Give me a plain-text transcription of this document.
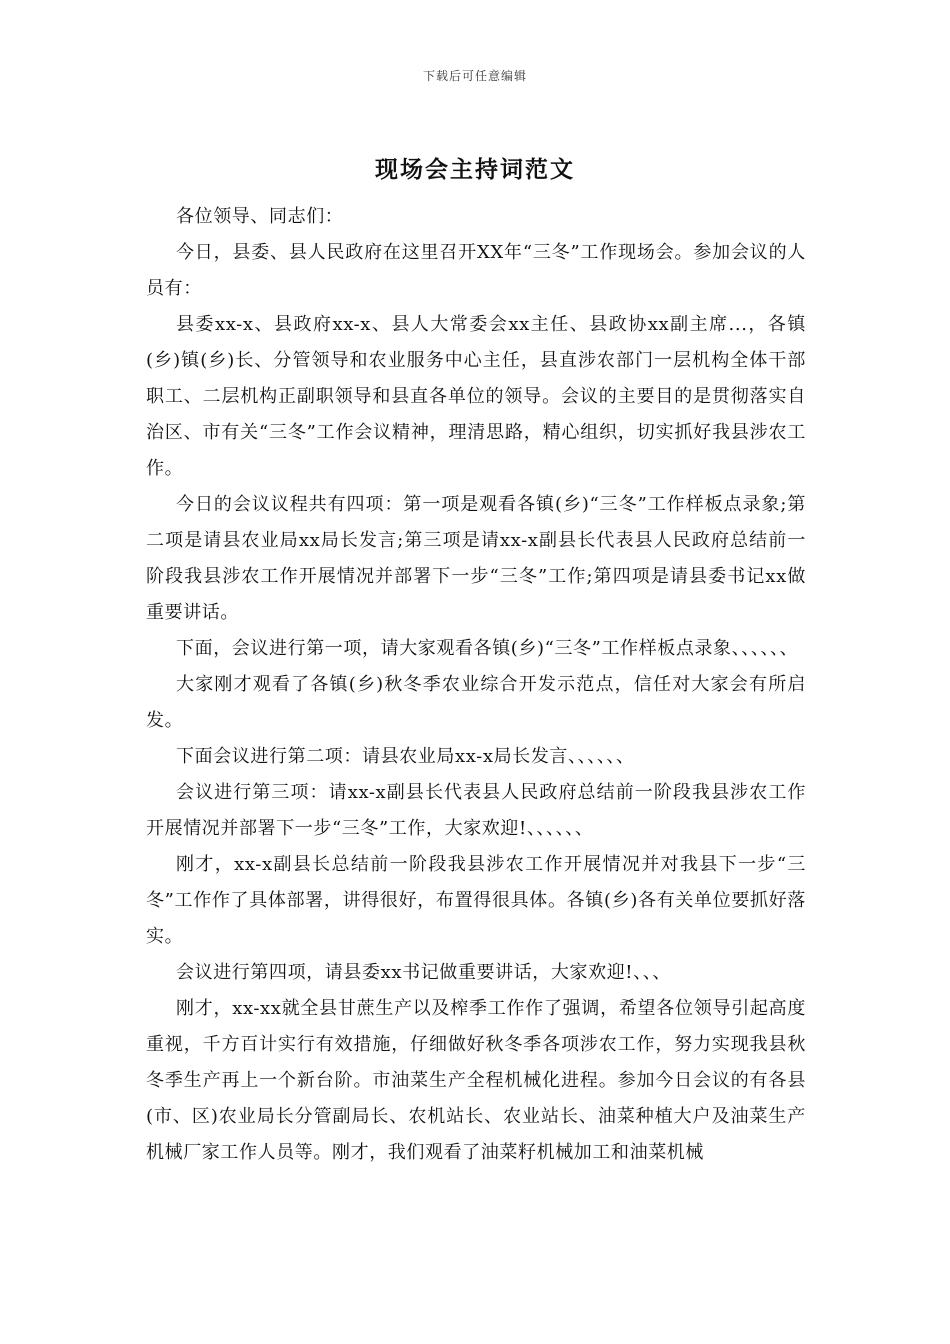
下载后可任意编辑
现场会主持词范文

各位领导、同志们：

今日，县委、县人民政府在这里召开XX年“三冬”工作现场会。参加会议的人员有：

县委xx-x、县政府xx-x、县人大常委会xx主任、县政协xx副主席...，各镇(乡)镇(乡)长、分管领导和农业服务中心主任，县直涉农部门一层机构全体干部职工、二层机构正副职领导和县直各单位的领导。会议的主要目的是贯彻落实自治区、市有关“三冬”工作会议精神，理清思路，精心组织，切实抓好我县涉农工作。

今日的会议议程共有四项：第一项是观看各镇(乡)“三冬”工作样板点录象;第二项是请县农业局xx局长发言;第三项是请xx-x副县长代表县人民政府总结前一阶段我县涉农工作开展情况并部署下一步“三冬”工作;第四项是请县委书记xx做重要讲话。

下面，会议进行第一项，请大家观看各镇(乡)“三冬”工作样板点录象、、、、、、

大家刚才观看了各镇(乡)秋冬季农业综合开发示范点，信任对大家会有所启发。

下面会议进行第二项：请县农业局xx-x局长发言、、、、、、

会议进行第三项：请xx-x副县长代表县人民政府总结前一阶段我县涉农工作开展情况并部署下一步“三冬”工作，大家欢迎!、、、、、、

刚才，xx-x副县长总结前一阶段我县涉农工作开展情况并对我县下一步“三冬”工作作了具体部署，讲得很好，布置得很具体。各镇(乡)各有关单位要抓好落实。

会议进行第四项，请县委xx书记做重要讲话，大家欢迎!、、、

刚才，xx-xx就全县甘蔗生产以及榨季工作作了强调，希望各位领导引起高度重视，千方百计实行有效措施，仔细做好秋冬季各项涉农工作，努力实现我县秋冬季生产再上一个新台阶。市油菜生产全程机械化进程。参加今日会议的有各县(市、区)农业局长分管副局长、农机站长、农业站长、油菜种植大户及油菜生产机械厂家工作人员等。刚才，我们观看了油菜籽机械加工和油菜机械
